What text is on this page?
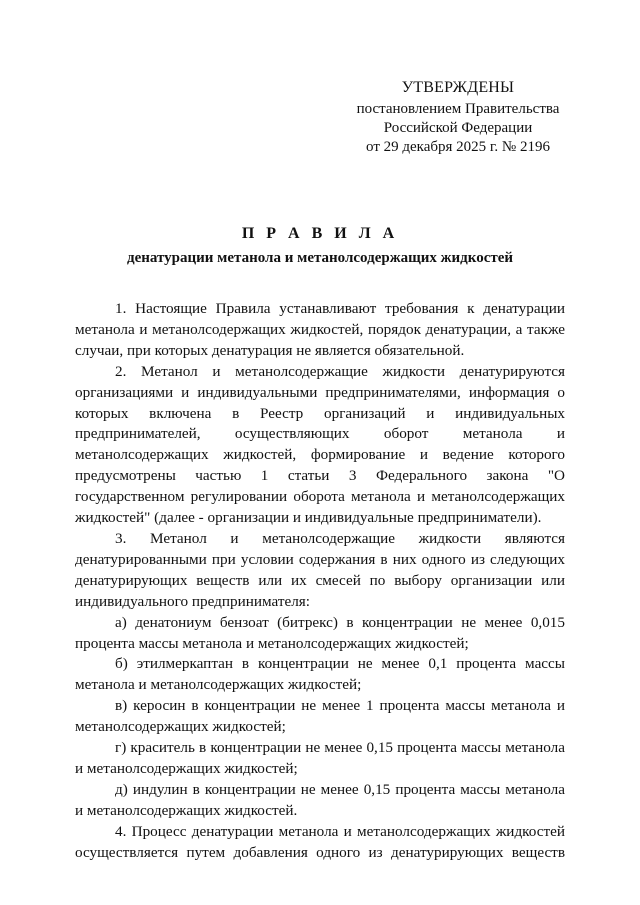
УТВЕРЖДЕНЫ
постановлением Правительства
Российской Федерации
от 29 декабря 2025 г. № 2196
П Р А В И Л А
денатурации метанола и метанолсодержащих жидкостей

1. Настоящие Правила устанавливают требования к денатурации метанола и метанолсодержащих жидкостей, порядок денатурации, а также случаи, при которых денатурация не является обязательной.

2. Метанол и метанолсодержащие жидкости денатурируются организациями и индивидуальными предпринимателями, информация о которых включена в Реестр организаций и индивидуальных предпринимателей, осуществляющих оборот метанола и метанолсодержащих жидкостей, формирование и ведение которого предусмотрены частью 1 статьи 3 Федерального закона "О государственном регулировании оборота метанола и метанолсодержащих жидкостей" (далее - организации и индивидуальные предприниматели).

3. Метанол и метанолсодержащие жидкости являются денатурированными при условии содержания в них одного из следующих денатурирующих веществ или их смесей по выбору организации или индивидуального предпринимателя:

а) денатониум бензоат (битрекс) в концентрации не менее 0,015 процента массы метанола и метанолсодержащих жидкостей;

б) этилмеркаптан в концентрации не менее 0,1 процента массы метанола и метанолсодержащих жидкостей;

в) керосин в концентрации не менее 1 процента массы метанола и метанолсодержащих жидкостей;

г) краситель в концентрации не менее 0,15 процента массы метанола и метанолсодержащих жидкостей;

д) индулин в концентрации не менее 0,15 процента массы метанола и метанолсодержащих жидкостей.

4. Процесс денатурации метанола и метанолсодержащих жидкостей осуществляется путем добавления одного из денатурирующих веществ
